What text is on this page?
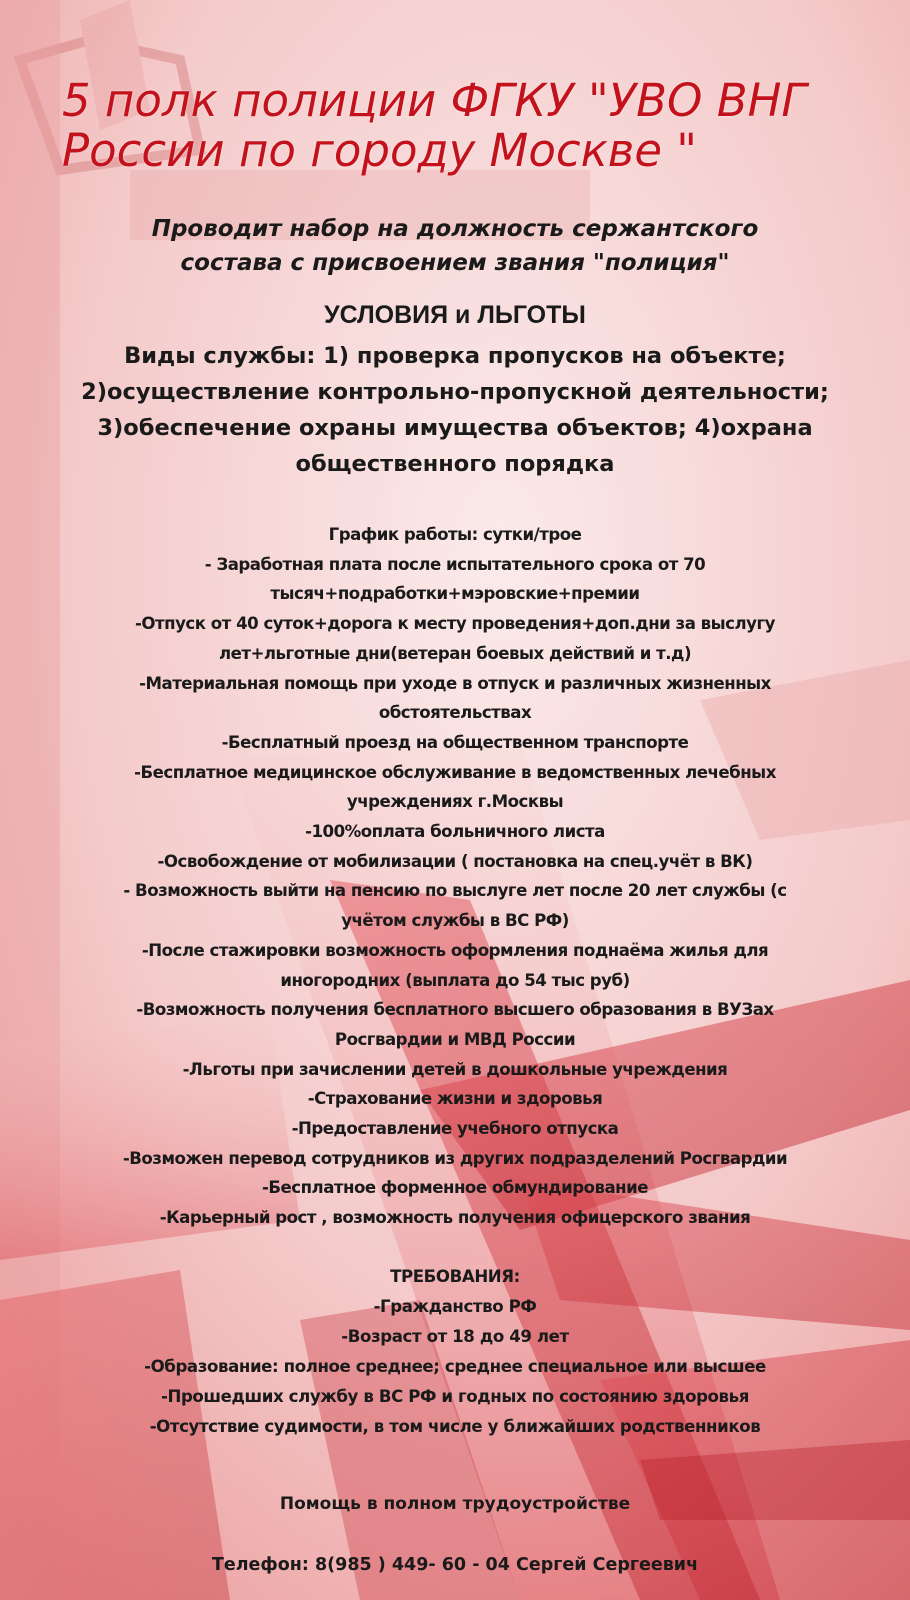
5 полк полиции ФГКУ "УВО ВНГ
России по городу Москве "
Проводит набор на должность сержантского
состава с присвоением звания "полиция"
УСЛОВИЯ и ЛЬГОТЫ
Виды службы: 1) проверка пропусков на объекте;
2)осуществление контрольно-пропускной деятельности;
3)обеспечение охраны имущества объектов; 4)охрана
общественного порядка
График работы: сутки/трое
- Заработная плата после испытательного срока от 70
тысяч+подработки+мэровские+премии
-Отпуск от 40 суток+дорога к месту проведения+доп.дни за выслугу
лет+льготные дни(ветеран боевых действий и т.д)
-Материальная помощь при уходе в отпуск и различных жизненных
обстоятельствах
-Бесплатный проезд на общественном транспорте
-Бесплатное медицинское обслуживание в ведомственных лечебных
учреждениях г.Москвы
-100%оплата больничного листа
-Освобождение от мобилизации ( постановка на спец.учёт в ВК)
- Возможность выйти на пенсию по выслуге лет после 20 лет службы (с
учётом службы в ВС РФ)
-После стажировки возможность оформления поднаёма жилья для
иногородних (выплата до 54 тыс руб)
-Возможность получения бесплатного высшего образования в ВУЗах
Росгвардии и МВД России
-Льготы при зачислении детей в дошкольные учреждения
-Страхование жизни и здоровья
-Предоставление учебного отпуска
-Возможен перевод сотрудников из других подразделений Росгвардии
-Бесплатное форменное обмундирование
-Карьерный рост , возможность получения офицерского звания
ТРЕБОВАНИЯ:
-Гражданство РФ
-Возраст от 18 до 49 лет
-Образование: полное среднее; среднее специальное или высшее
-Прошедших службу в ВС РФ и годных по состоянию здоровья
-Отсутствие судимости, в том числе у ближайших родственников
Помощь в полном трудоустройстве
Телефон: 8(985 ) 449- 60 - 04 Сергей Сергеевич
